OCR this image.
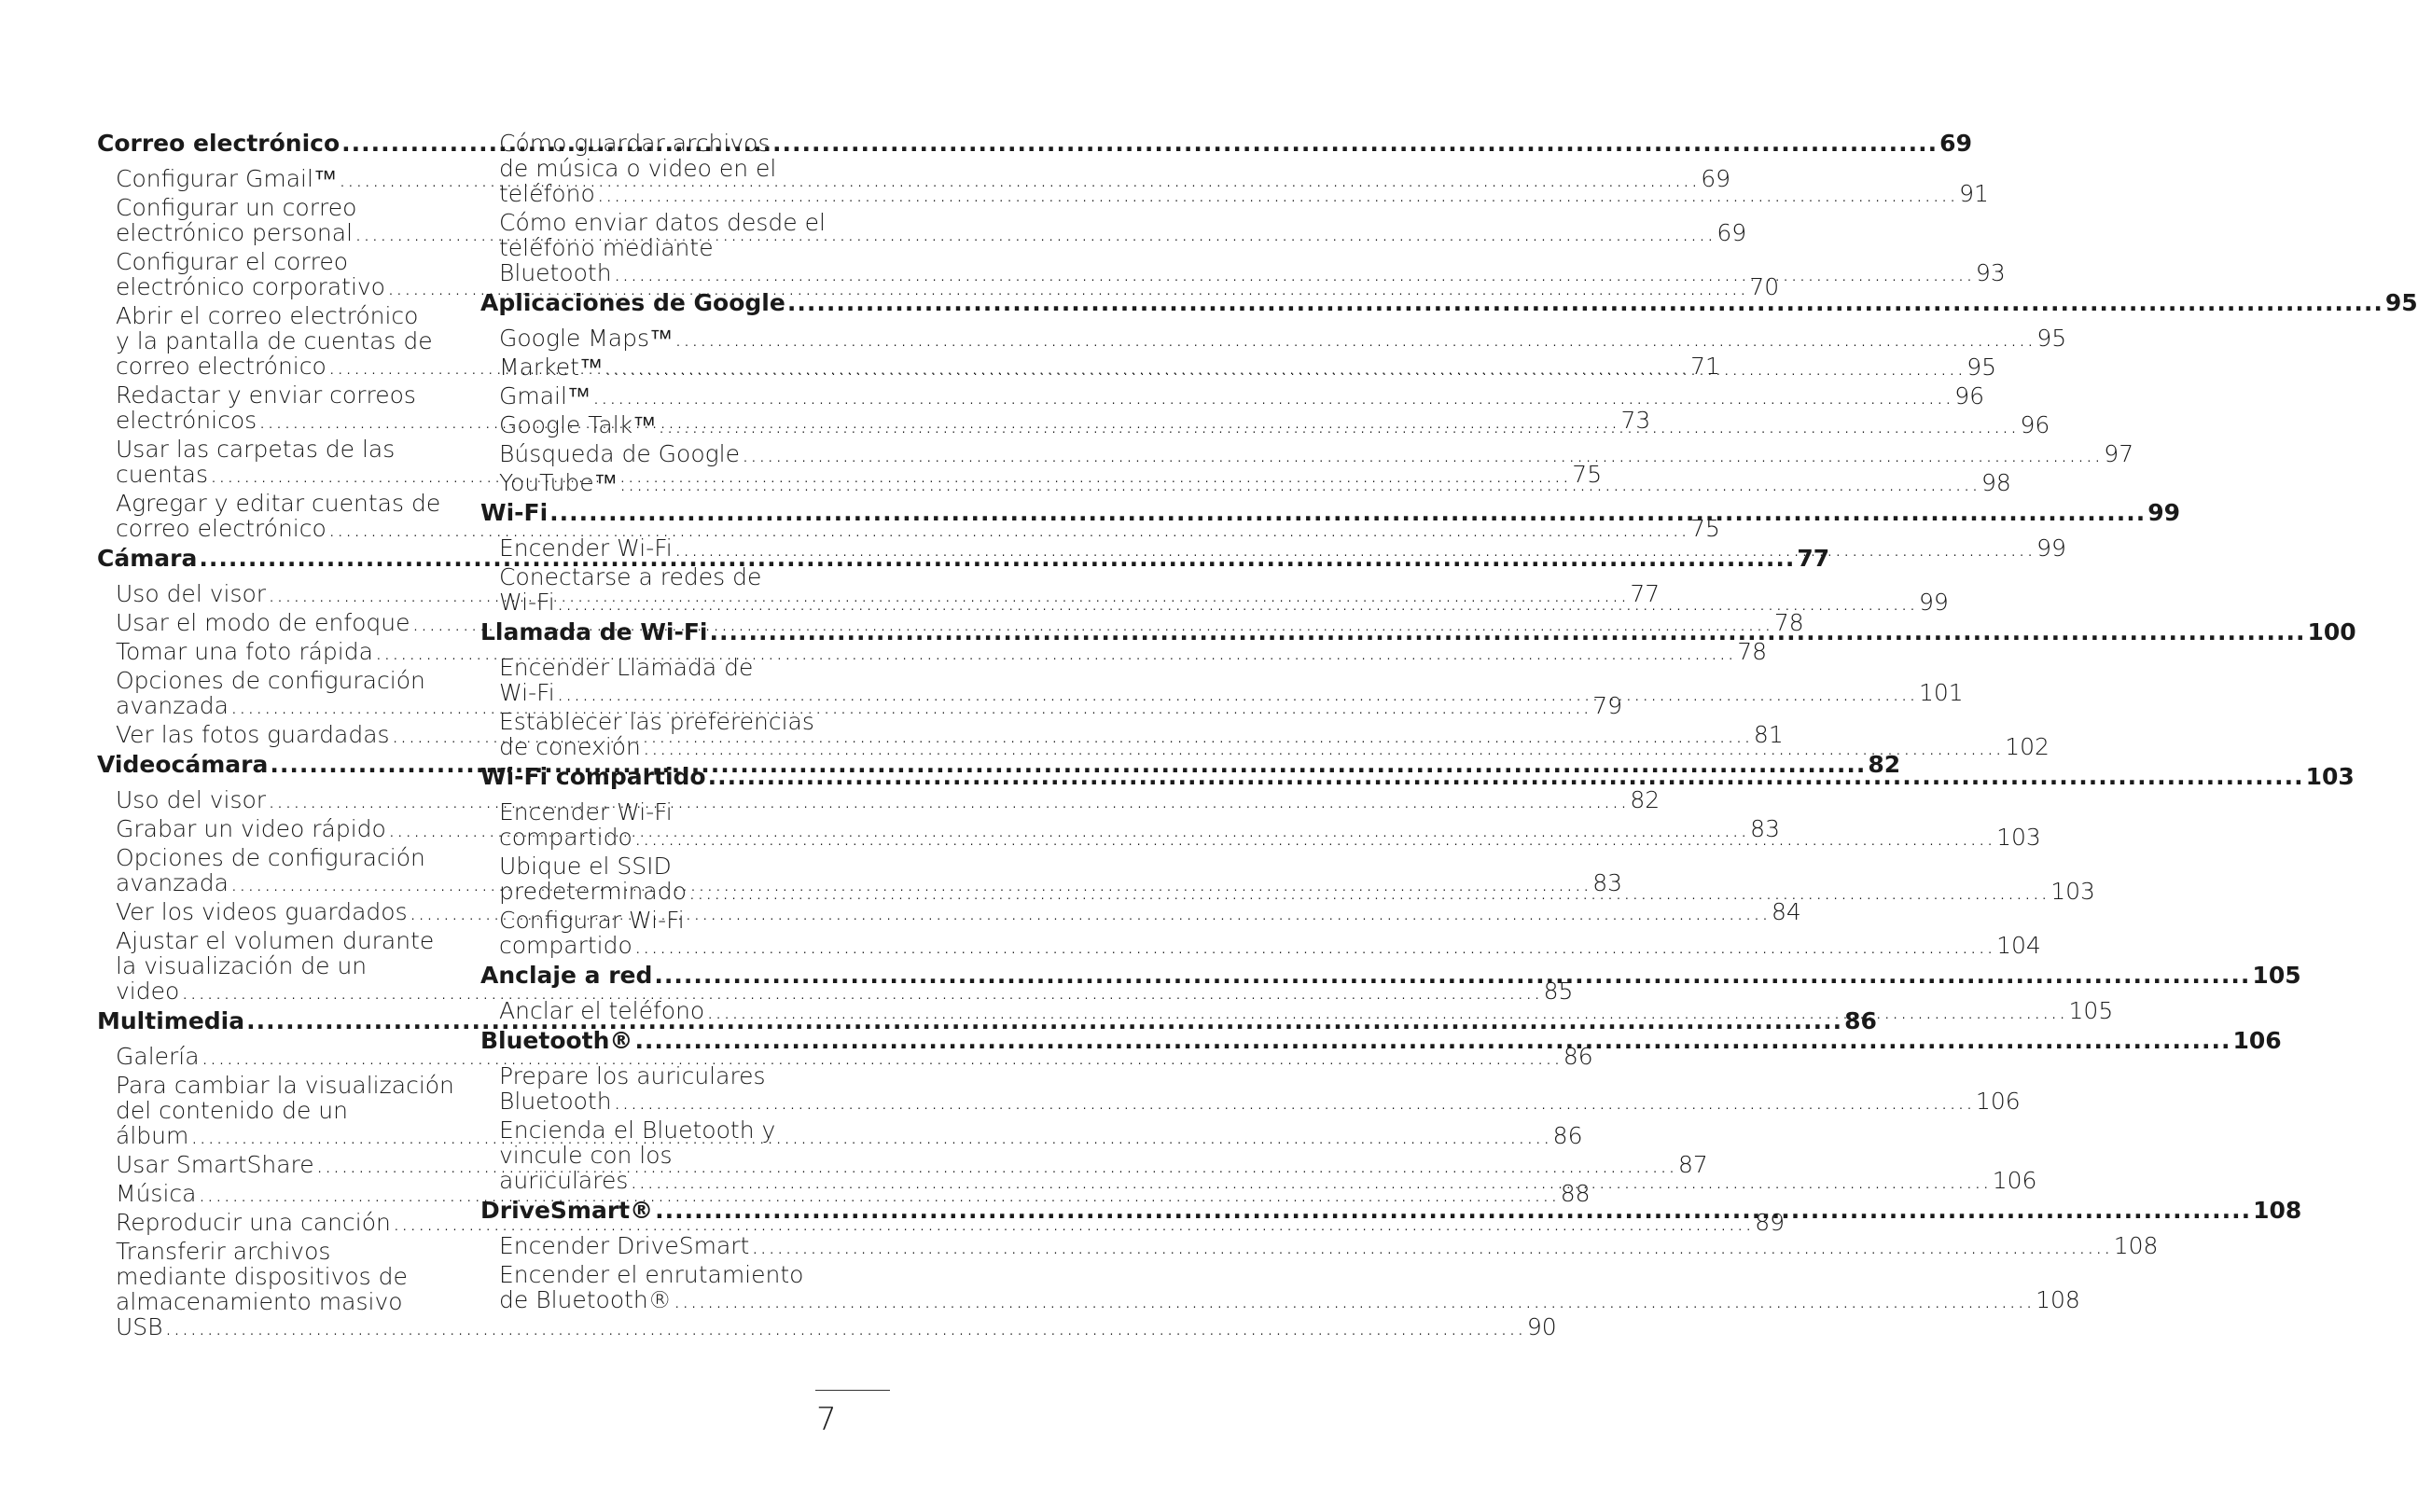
Correo electrónico .....	69
Configurar Gmail™ .....	69
Configurar un correo
electrónico personal .....	69
Configurar el correo
electrónico corporativo .....	70
Abrir el correo electrónico
y la pantalla de cuentas de
correo electrónico .....	71
Redactar y enviar correos
electrónicos .....	73
Usar las carpetas de las
cuentas .....	75
Agregar y editar cuentas de
correo electrónico .....	75
Cámara .....	77
Uso del visor .....	77
Usar el modo de enfoque .....	78
Tomar una foto rápida .....	78
Opciones de configuración
avanzada .....	79
Ver las fotos guardadas .....	81
Videocámara .....	82
Uso del visor .....	82
Grabar un video rápido .....	83
Opciones de configuración
avanzada .....	83
Ver los videos guardados .....	84
Ajustar el volumen durante
la visualización de un
video .....	85
Multimedia .....	86
Galería .....	86
Para cambiar la visualización
del contenido de un
álbum .....	86
Usar SmartShare .....	87
Música .....	88
Reproducir una canción .....	89
Transferir archivos
mediante dispositivos de
almacenamiento masivo
USB .....	90
Cómo guardar archivos
de música o video en el
teléfono .....	91
Cómo enviar datos desde el
teléfono mediante
Bluetooth .....	93
Aplicaciones de Google .....	95
Google Maps™ .....	95
Market™ .....	95
Gmail™ .....	96
Google Talk™ .....	96
Búsqueda de Google .....	97
YouTube™ .....	98
Wi-Fi .....	99
Encender Wi-Fi .....	99
Conectarse a redes de
Wi-Fi .....	99
Llamada de Wi-Fi .....	100
Encender Llamada de
Wi-Fi .....	101
Establecer las preferencias
de conexión .....	102
Wi-Fi compartido .....	103
Encender Wi-Fi
compartido .....	103
Ubique el SSID
predeterminado .....	103
Configurar Wi-Fi
compartido .....	104
Anclaje a red .....	105
Anclar el teléfono .....	105
Bluetooth® .....	106
Prepare los auriculares
Bluetooth .....	106
Encienda el Bluetooth y
vincule con los
auriculares .....	106
DriveSmart® .....	108
Encender DriveSmart .....	108
Encender el enrutamiento
de Bluetooth® .....	108
7
